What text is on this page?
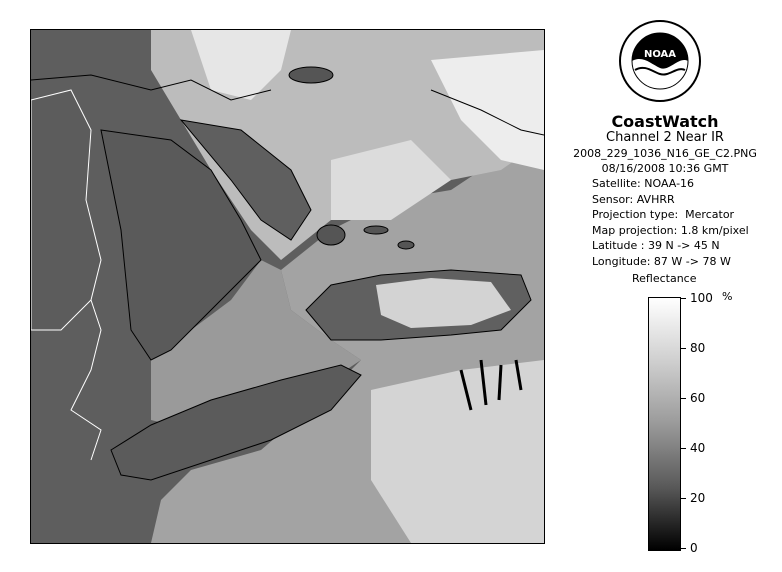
NOAA
CoastWatch
Channel 2 Near IR
2008_229_1036_N16_GE_C2.PNG
08/16/2008 10:36 GMT
Satellite: NOAA-16
Sensor: AVHRR
Projection type: Mercator
Map projection: 1.8 km/pixel
Latitude : 39 N -> 45 N
Longitude: 87 W -> 78 W
Reflectance
%
100
80
60
40
20
0
